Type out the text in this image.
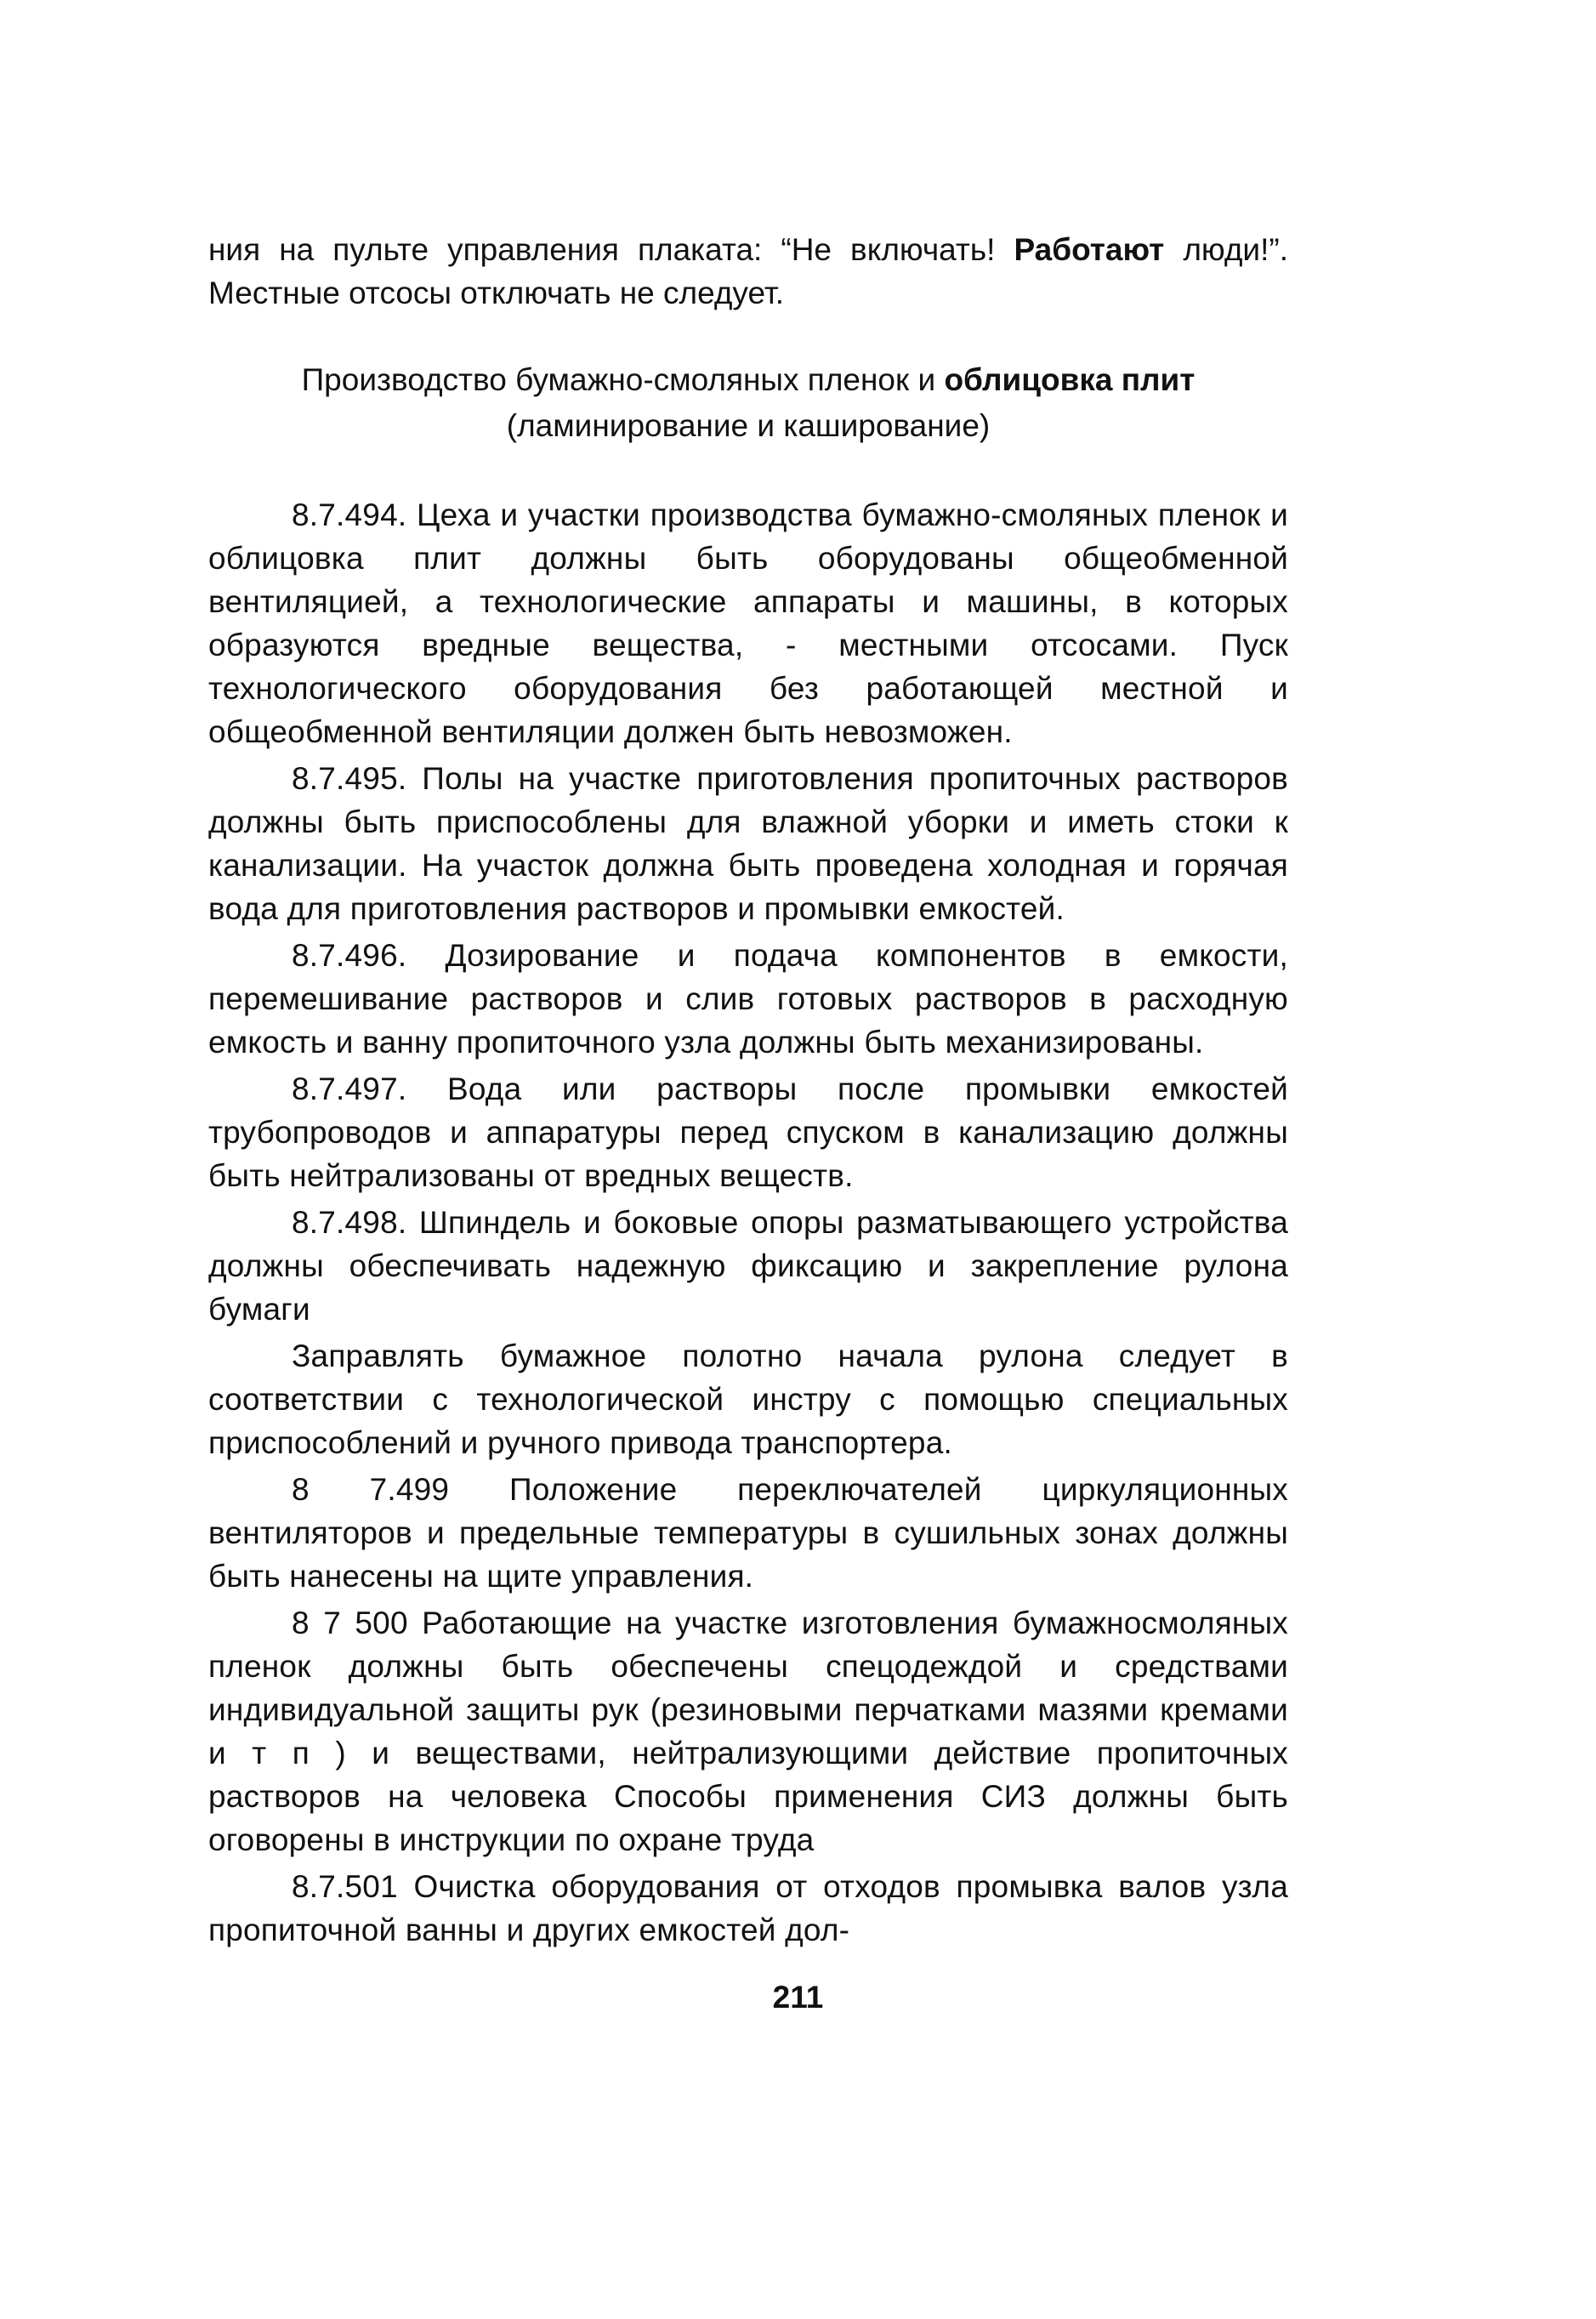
ния на пульте управления плаката: “Не включать! Работают люди!”. Местные отсосы отключать не следует.

Производство бумажно-смоляных пленок и облицовка плит
(ламинирование и каширование)

8.7.494. Цеха и участки производства бумажно-смоляных пленок и облицовка плит должны быть оборудованы общеобменной вентиляцией, а технологические аппараты и машины, в которых образуются вредные вещества, - местными отсосами. Пуск технологического оборудования без работающей местной и общеобменной вентиляции должен быть невозможен.

8.7.495. Полы на участке приготовления пропиточных растворов должны быть приспособлены для влажной уборки и иметь стоки к канализации. На участок должна быть проведена холодная и горячая вода для приготовления растворов и промывки емкостей.

8.7.496. Дозирование и подача компонентов в емкости, перемешивание растворов и слив готовых растворов в расходную емкость и ванну пропиточного узла должны быть механизированы.

8.7.497. Вода или растворы после промывки емкостей трубопроводов и аппаратуры перед спуском в канализацию должны быть нейтрализованы от вредных веществ.

8.7.498. Шпиндель и боковые опоры разматывающего устройства должны обеспечивать надежную фиксацию и закрепление рулона бумаги

Заправлять бумажное полотно начала рулона следует в соответствии с технологической инстру с помощью специальных приспособлений и ручного привода транспортера.

8 7.499 Положение переключателей циркуляционных вентиляторов и предельные температуры в сушильных зонах должны быть нанесены на щите управления.

8 7 500 Работающие на участке изготовления бумажносмоляных пленок должны быть обеспечены спецодеждой и средствами индивидуальной защиты рук (резиновыми перчатками мазями кремами и т п ) и веществами, нейтрализующими действие пропиточных растворов на человека Способы применения СИЗ должны быть оговорены в инструкции по охране труда

8.7.501 Очистка оборудования от отходов промывка валов узла пропиточной ванны и других емкостей дол-

211
